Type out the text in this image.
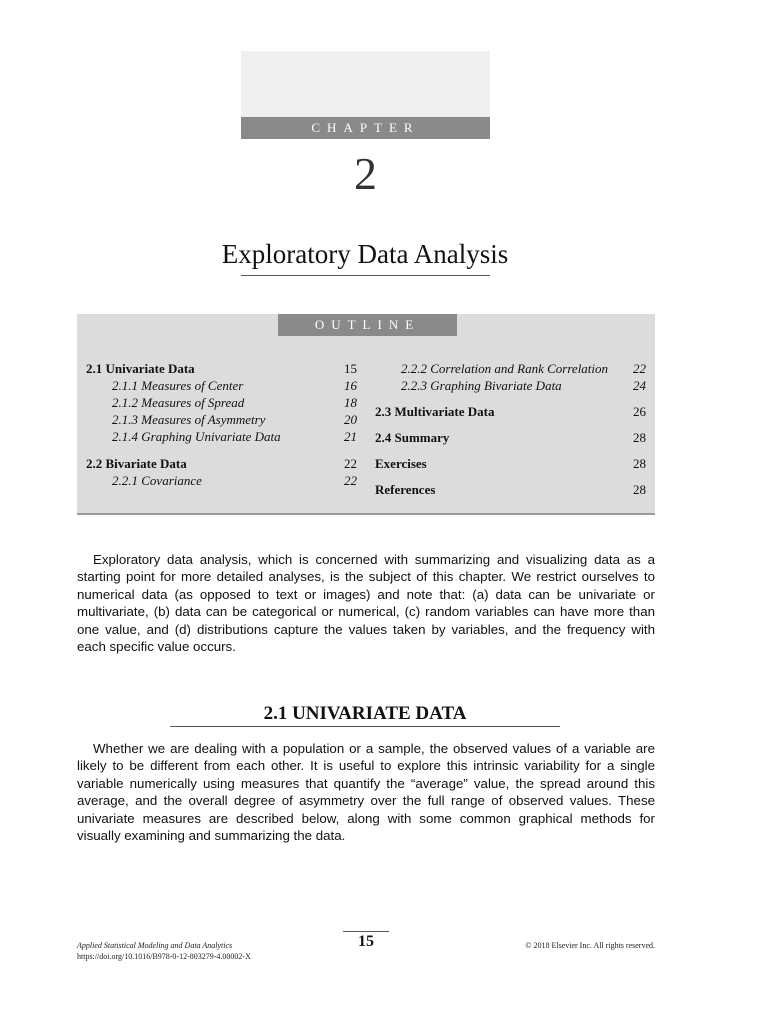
CHAPTER
2
Exploratory Data Analysis
OUTLINE
2.1 Univariate Data	15
2.1.1 Measures of Center	16
2.1.2 Measures of Spread	18
2.1.3 Measures of Asymmetry	20
2.1.4 Graphing Univariate Data	21
2.2 Bivariate Data	22
2.2.1 Covariance	22
2.2.2 Correlation and Rank Correlation	22
2.2.3 Graphing Bivariate Data	24
2.3 Multivariate Data	26
2.4 Summary	28
Exercises	28
References	28

Exploratory data analysis, which is concerned with summarizing and visualizing data as a starting point for more detailed analyses, is the subject of this chapter. We restrict ourselves to numerical data (as opposed to text or images) and note that: (a) data can be univariate or multivariate, (b) data can be categorical or numerical, (c) random variables can have more than one value, and (d) distributions capture the values taken by variables, and the frequency with each specific value occurs.

2.1 UNIVARIATE DATA

Whether we are dealing with a population or a sample, the observed values of a variable are likely to be different from each other. It is useful to explore this intrinsic variability for a single variable numerically using measures that quantify the “average” value, the spread around this average, and the overall degree of asymmetry over the full range of observed values. These univariate measures are described below, along with some common graphical methods for visually examining and summarizing the data.

Applied Statistical Modeling and Data Analytics
https://doi.org/10.1016/B978-0-12-803279-4.00002-X
15	© 2018 Elsevier Inc. All rights reserved.
